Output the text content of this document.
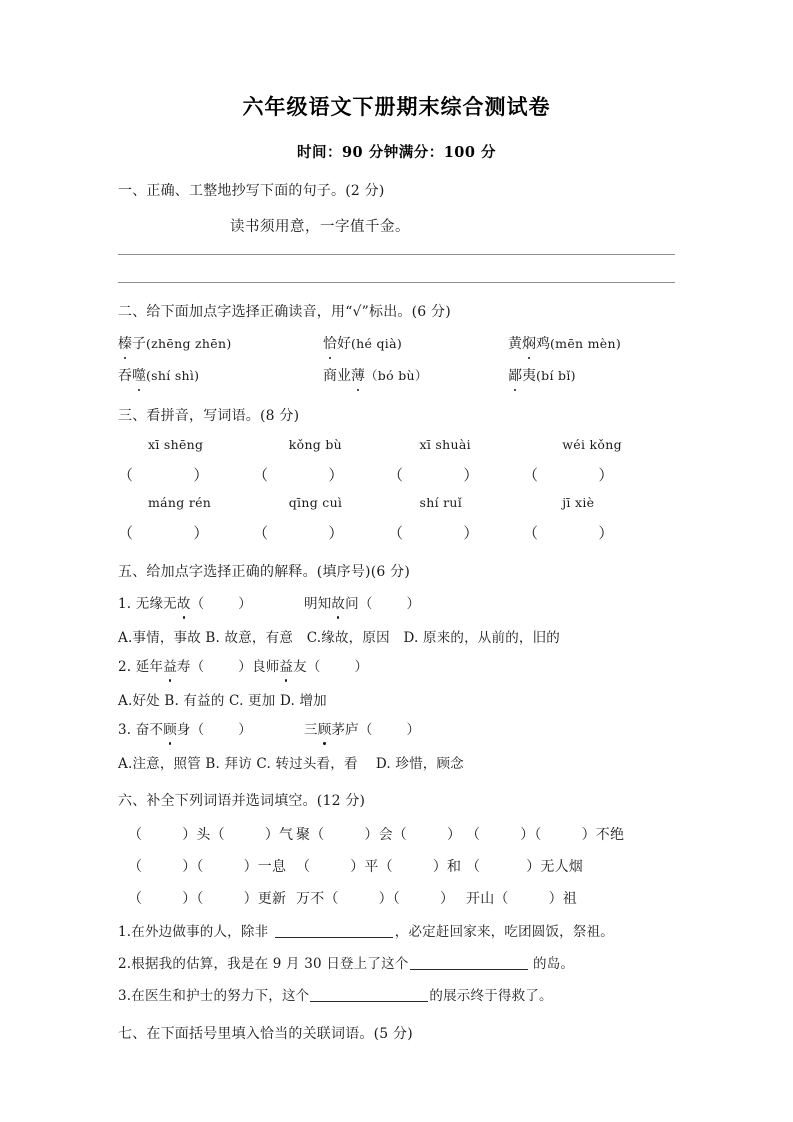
六年级语文下册期末综合测试卷
时间：90 分钟满分：100 分
一、正确、工整地抄写下面的句子。(2 分)
读书须用意，一字值千金。
二、给下面加点字选择正确读音，用“√”标出。(6 分)
榛子(zhēng zhēn)	恰好(hé qià)	黄焖鸡(mēn mèn)
吞噬(shí shì)	商业薄（bó bù）	鄙夷(bí bǐ)
三、看拼音，写词语。(8 分)
xī shēng	kǒng bù	xī shuài	wéi kǒng
（	）	（	）	（	）	（	）
máng rén	qīng cuì	shí ruǐ	jī xiè
（	）	（	）	（	）	（	）
五、给加点字选择正确的解释。(填序号)(6 分)
1. 无缘无故（	）	明知故问（	）
A.事情，事故 B. 故意，有意　C.缘故，原因　D. 原来的，从前的，旧的
2. 延年益寿（	）良师益友（	）
A.好处 B. 有益的 C. 更加 D. 增加
3. 奋不顾身（	）	三顾茅庐（	）
A.注意，照管 B. 拜访 C. 转过头看，看　 D. 珍惜，顾念
六、补全下列词语并选词填空。(12 分)
（	）头（	）气 聚（	）会（	） （	）（	）不绝
（	）（	）一息 （	）平（	）和 （	）无人烟
（	）（	）更新 万不（	）（	） 开山（	）祖
1.在外边做事的人，除非	，必定赶回家来，吃团圆饭，祭祖。
2.根据我的估算，我是在 9 月 30 日登上了这个	的岛。
3.在医生和护士的努力下，这个	的展示终于得救了。
七、在下面括号里填入恰当的关联词语。(5 分)
